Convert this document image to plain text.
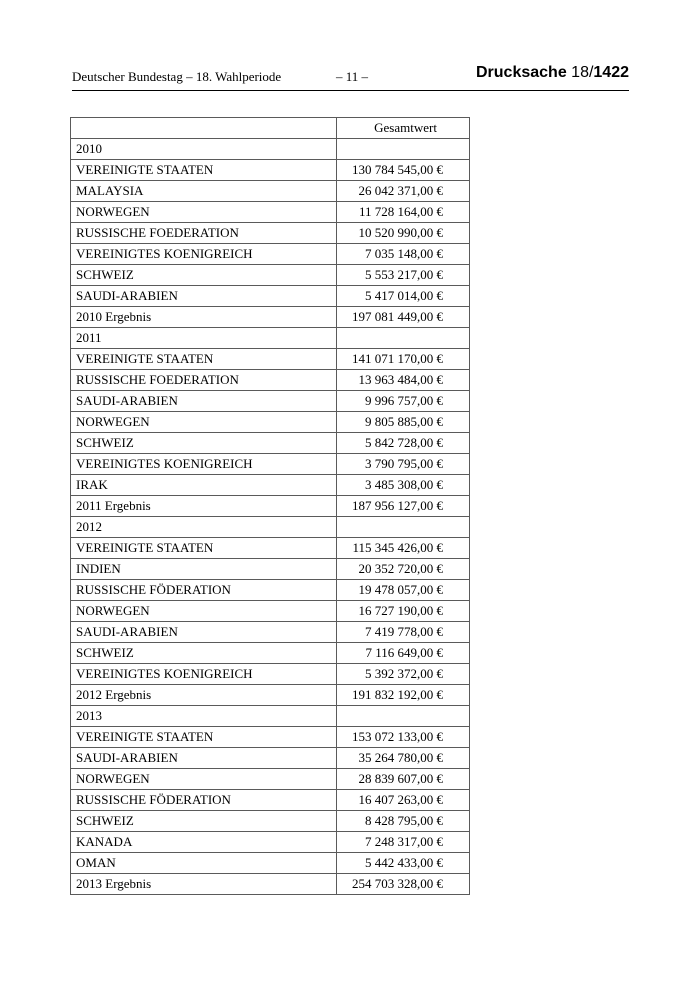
Deutscher Bundestag – 18. Wahlperiode	– 11 –	Drucksache 18/1422
	Gesamtwert
2010	
VEREINIGTE STAATEN	130 784 545,00 €
MALAYSIA	26 042 371,00 €
NORWEGEN	11 728 164,00 €
RUSSISCHE FOEDERATION	10 520 990,00 €
VEREINIGTES KOENIGREICH	7 035 148,00 €
SCHWEIZ	5 553 217,00 €
SAUDI-ARABIEN	5 417 014,00 €
2010 Ergebnis	197 081 449,00 €
2011	
VEREINIGTE STAATEN	141 071 170,00 €
RUSSISCHE FOEDERATION	13 963 484,00 €
SAUDI-ARABIEN	9 996 757,00 €
NORWEGEN	9 805 885,00 €
SCHWEIZ	5 842 728,00 €
VEREINIGTES KOENIGREICH	3 790 795,00 €
IRAK	3 485 308,00 €
2011 Ergebnis	187 956 127,00 €
2012	
VEREINIGTE STAATEN	115 345 426,00 €
INDIEN	20 352 720,00 €
RUSSISCHE FÖDERATION	19 478 057,00 €
NORWEGEN	16 727 190,00 €
SAUDI-ARABIEN	7 419 778,00 €
SCHWEIZ	7 116 649,00 €
VEREINIGTES KOENIGREICH	5 392 372,00 €
2012 Ergebnis	191 832 192,00 €
2013	
VEREINIGTE STAATEN	153 072 133,00 €
SAUDI-ARABIEN	35 264 780,00 €
NORWEGEN	28 839 607,00 €
RUSSISCHE FÖDERATION	16 407 263,00 €
SCHWEIZ	8 428 795,00 €
KANADA	7 248 317,00 €
OMAN	5 442 433,00 €
2013 Ergebnis	254 703 328,00 €
